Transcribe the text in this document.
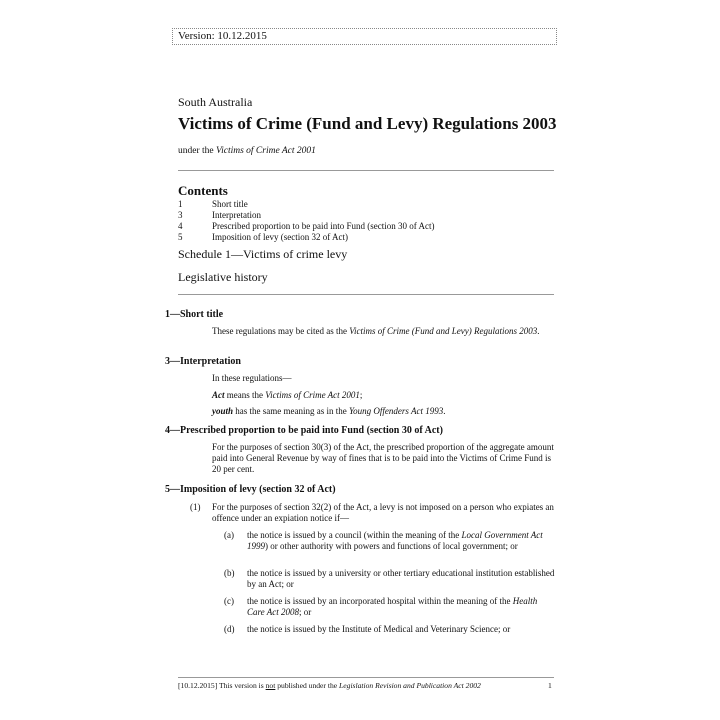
Version: 10.12.2015
South Australia
Victims of Crime (Fund and Levy) Regulations 2003
under the Victims of Crime Act 2001
Contents
1	Short title
3	Interpretation
4	Prescribed proportion to be paid into Fund (section 30 of Act)
5	Imposition of levy (section 32 of Act)
Schedule 1—Victims of crime levy
Legislative history
1—Short title

These regulations may be cited as the Victims of Crime (Fund and Levy) Regulations 2003.

3—Interpretation

In these regulations—

Act means the Victims of Crime Act 2001;

youth has the same meaning as in the Young Offenders Act 1993.

4—Prescribed proportion to be paid into Fund (section 30 of Act)

For the purposes of section 30(3) of the Act, the prescribed proportion of the aggregate amount paid into General Revenue by way of fines that is to be paid into the Victims of Crime Fund is 20 per cent.

5—Imposition of levy (section 32 of Act)
(1) For the purposes of section 32(2) of the Act, a levy is not imposed on a person who expiates an offence under an expiation notice if—

(a) the notice is issued by a council (within the meaning of the Local Government Act 1999) or other authority with powers and functions of local government; or

(b) the notice is issued by a university or other tertiary educational institution established by an Act; or

(c) the notice is issued by an incorporated hospital within the meaning of the Health Care Act 2008; or

(d) the notice is issued by the Institute of Medical and Veterinary Science; or

[10.12.2015] This version is not published under the Legislation Revision and Publication Act 2002	1
